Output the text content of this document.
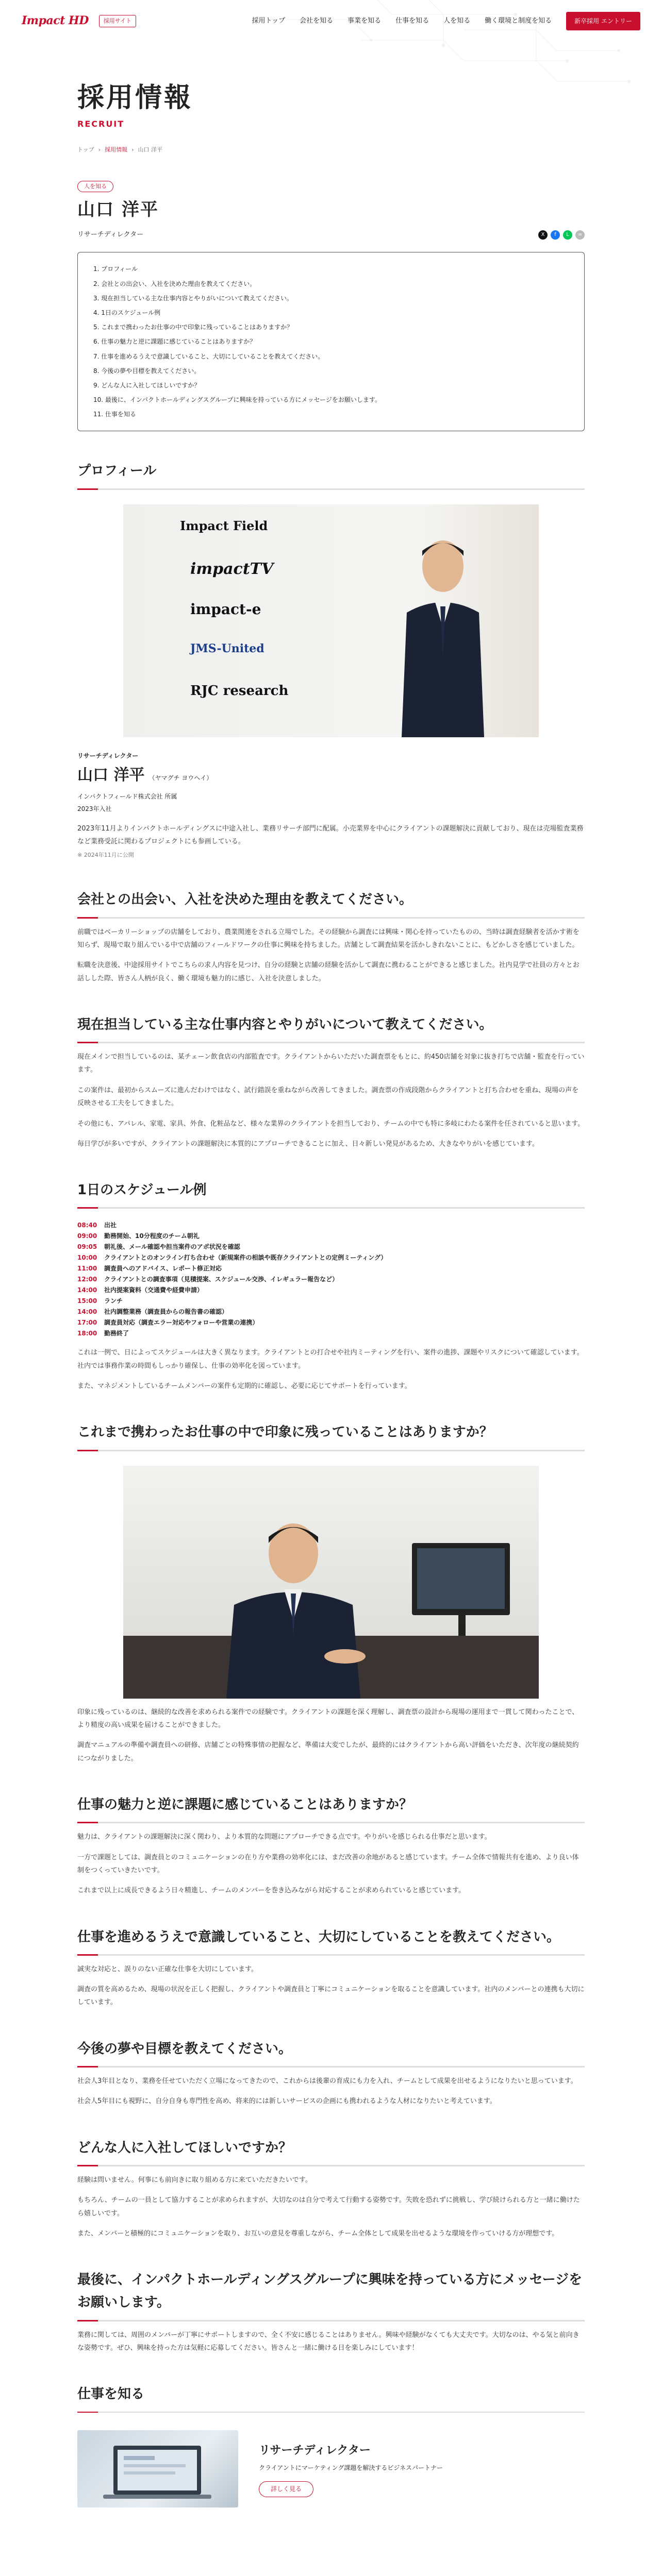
Impact HD	採用サイト	採用トップ 会社を知る 事業を知る 仕事を知る 人を知る 働く環境と制度を知る	新卒採用 エントリー
採用情報
RECRUIT
トップ › 採用情報 › 山口 洋平
人を知る
山口 洋平
リサーチディレクター	X	f	L	∞
1. プロフィール
2. 会社との出会い、入社を決めた理由を教えてください。
3. 現在担当している主な仕事内容とやりがいについて教えてください。
4. 1日のスケジュール例
5. これまで携わったお仕事の中で印象に残っていることはありますか？
6. 仕事の魅力と逆に課題に感じていることはありますか？
7. 仕事を進めるうえで意識していること、大切にしていることを教えてください。
8. 今後の夢や目標を教えてください。
9. どんな人に入社してほしいですか？
10. 最後に、インパクトホールディングスグループに興味を持っている方にメッセージをお願いします。
11. 仕事を知る
プロフィール
Impact Field
impactTV
impact-e
JMS-United
RJC research
リサーチディレクター
山口 洋平 （ヤマグチ ヨウヘイ）
インパクトフィールド株式会社 所属
2023年入社

2023年11月よりインパクトホールディングスに中途入社し、業務リサーチ部門に配属。小売業界を中心にクライアントの課題解決に貢献しており、現在は売場監査業務など業務受託に関わるプロジェクトにも参画している。

※ 2024年11月に公開
会社との出会い、入社を決めた理由を教えてください。

前職ではベーカリーショップの店舗をしており、農業関連をされる立場でした。その経験から調査には興味・関心を持っていたものの、当時は調査経験者を活かす術を知らず、現場で取り組んでいる中で店舗のフィールドワークの仕事に興味を持ちました。店舗として調査結果を活かしきれないことに、もどかしさを感じていました。

転職を決意後、中途採用サイトでこちらの求人内容を見つけ、自分の経験と店舗の経験を活かして調査に携わることができると感じました。社内見学で社員の方々とお話しした際、皆さん人柄が良く、働く環境も魅力的に感じ、入社を決意しました。

現在担当している主な仕事内容とやりがいについて教えてください。

現在メインで担当しているのは、某チェーン飲食店の内部監査です。クライアントからいただいた調査票をもとに、約450店舗を対象に抜き打ちで店舗・監査を行っています。

この案件は、最初からスムーズに進んだわけではなく、試行錯誤を重ねながら改善してきました。調査票の作成段階からクライアントと打ち合わせを重ね、現場の声を反映させる工夫をしてきました。

その他にも、アパレル、家電、家具、外食、化粧品など、様々な業界のクライアントを担当しており、チームの中でも特に多岐にわたる案件を任されていると思います。

毎日学びが多いですが、クライアントの課題解決に本質的にアプローチできることに加え、日々新しい発見があるため、大きなやりがいを感じています。

1日のスケジュール例
08:40 出社
09:00 勤務開始、10分程度のチーム朝礼
09:05 朝礼後、メール確認や担当案件のアポ状況を確認
10:00 クライアントとのオンライン打ち合わせ（新規案件の相談や既存クライアントとの定例ミーティング）
11:00 調査員へのアドバイス、レポート修正対応
12:00 クライアントとの調査事項（見積提案、スケジュール交渉、イレギュラー報告など）
14:00 社内提案資料（交通費や経費申請）
15:00 ランチ
14:00 社内調整業務（調査員からの報告書の確認）
17:00 調査員対応（調査エラー対応やフォローや営業の連携）
18:00 勤務終了

これは一例で、日によってスケジュールは大きく異なります。クライアントとの打合せや社内ミーティングを行い、案件の進捗、課題やリスクについて確認しています。社内では事務作業の時間もしっかり確保し、仕事の効率化を図っています。

また、マネジメントしているチームメンバーの案件も定期的に確認し、必要に応じてサポートを行っています。

これまで携わったお仕事の中で印象に残っていることはありますか？

印象に残っているのは、継続的な改善を求められる案件での経験です。クライアントの課題を深く理解し、調査票の設計から現場の運用まで一貫して関わったことで、より精度の高い成果を届けることができました。

調査マニュアルの準備や調査員への研修、店舗ごとの特殊事情の把握など、準備は大変でしたが、最終的にはクライアントから高い評価をいただき、次年度の継続契約につながりました。

仕事の魅力と逆に課題に感じていることはありますか？

魅力は、クライアントの課題解決に深く関わり、より本質的な問題にアプローチできる点です。やりがいを感じられる仕事だと思います。

一方で課題としては、調査員とのコミュニケーションの在り方や業務の効率化には、まだ改善の余地があると感じています。チーム全体で情報共有を進め、より良い体制をつくっていきたいです。

これまで以上に成長できるよう日々精進し、チームのメンバーを巻き込みながら対応することが求められていると感じています。

仕事を進めるうえで意識していること、大切にしていることを教えてください。

誠実な対応と、誤りのない正確な仕事を大切にしています。

調査の質を高めるため、現場の状況を正しく把握し、クライアントや調査員と丁寧にコミュニケーションを取ることを意識しています。社内のメンバーとの連携も大切にしています。

今後の夢や目標を教えてください。

社会人3年目となり、業務を任せていただく立場になってきたので、これからは後輩の育成にも力を入れ、チームとして成果を出せるようになりたいと思っています。

社会人5年目にも視野に、自分自身も専門性を高め、将来的には新しいサービスの企画にも携われるような人材になりたいと考えています。

どんな人に入社してほしいですか？

経験は問いません。何事にも前向きに取り組める方に来ていただきたいです。

もちろん、チームの一員として協力することが求められますが、大切なのは自分で考えて行動する姿勢です。失敗を恐れずに挑戦し、学び続けられる方と一緒に働けたら嬉しいです。

また、メンバーと積極的にコミュニケーションを取り、お互いの意見を尊重しながら、チーム全体として成果を出せるような環境を作っていける方が理想です。

最後に、インパクトホールディングスグループに興味を持っている方にメッセージをお願いします。

業務に関しては、周囲のメンバーが丁寧にサポートしますので、全く不安に感じることはありません。興味や経験がなくても大丈夫です。大切なのは、やる気と前向きな姿勢です。ぜひ、興味を持った方は気軽に応募してください。皆さんと一緒に働ける日を楽しみにしています！

仕事を知る
リサーチディレクター
クライアントにマーケティング課題を解決するビジネスパートナー
詳しく見る
